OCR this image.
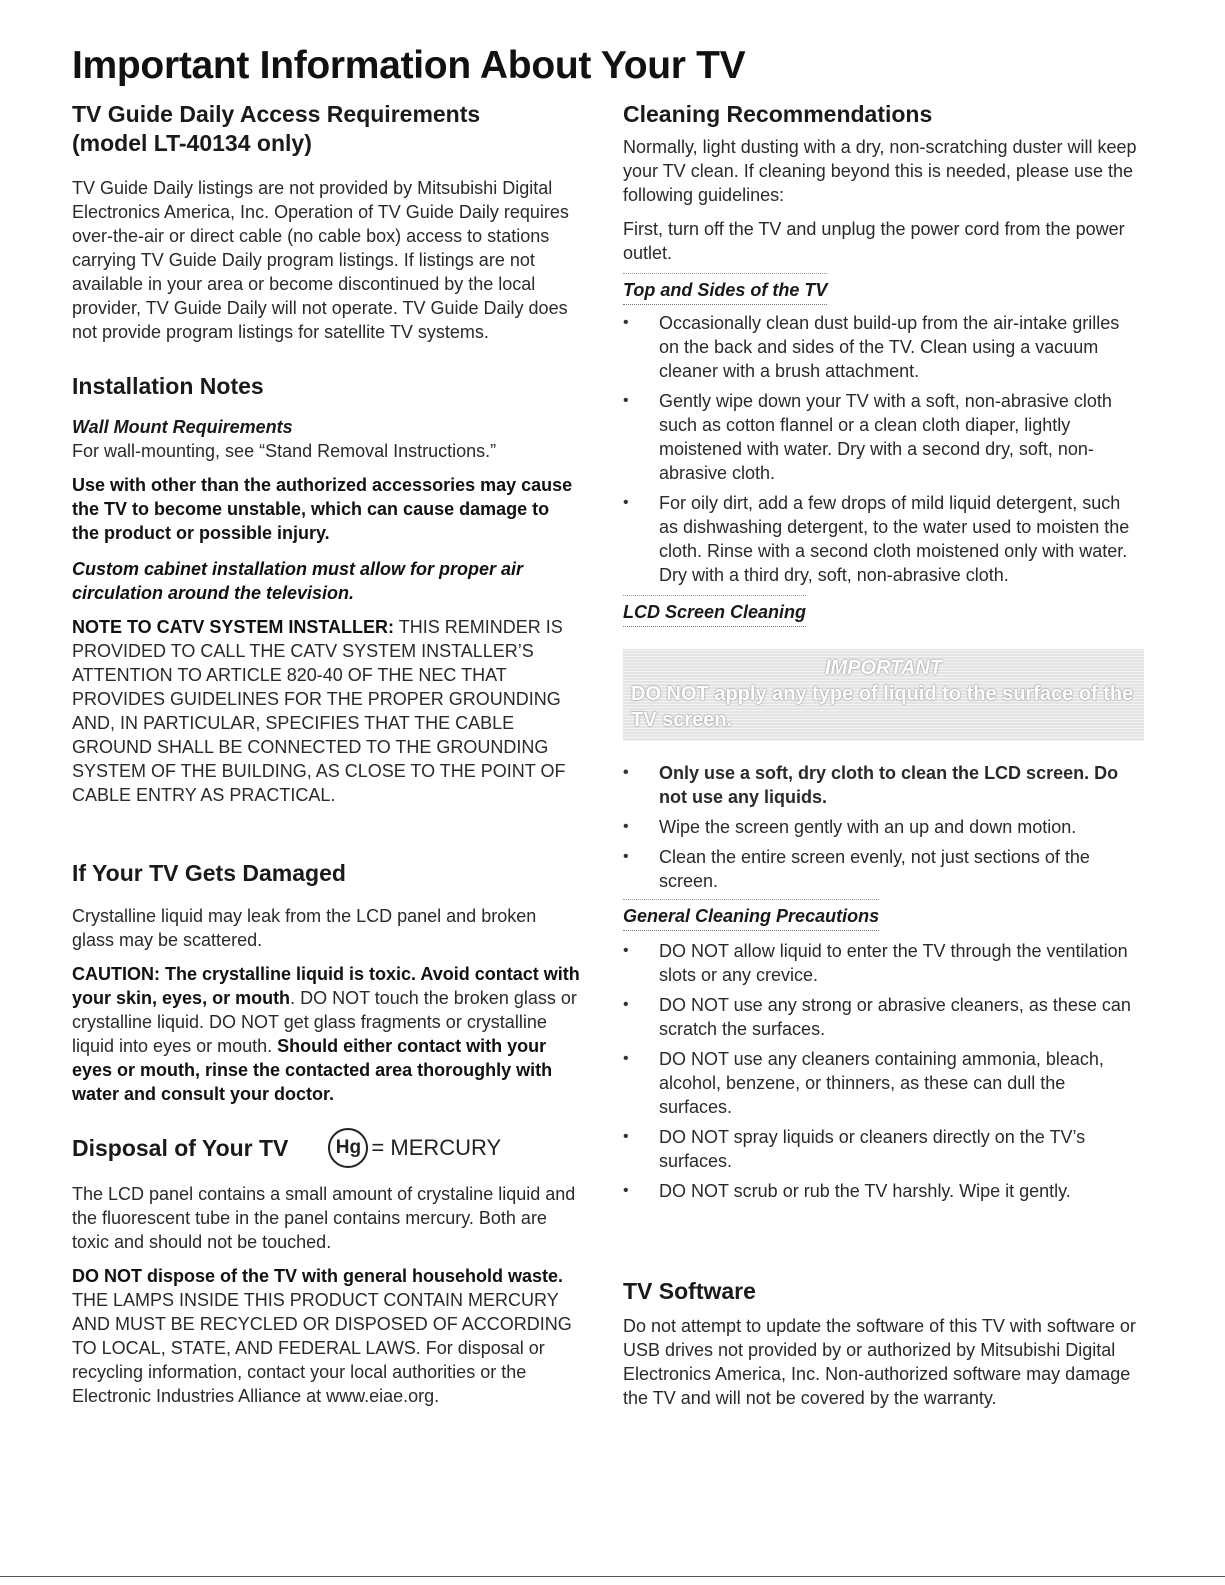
Important Information About Your TV
TV Guide Daily Access Requirements
(model LT-40134 only)

TV Guide Daily listings are not provided by Mitsubishi Digital Electronics America, Inc. Operation of TV Guide Daily requires over-the-air or direct cable (no cable box) access to stations carrying TV Guide Daily program listings. If listings are not available in your area or become discontinued by the local provider, TV Guide Daily will not operate. TV Guide Daily does not provide program listings for satellite TV systems.

Installation Notes
Wall Mount Requirements

For wall-mounting, see “Stand Removal Instructions.”

Use with other than the authorized accessories may cause the TV to become unstable, which can cause damage to the product or possible injury.

Custom cabinet installation must allow for proper air circulation around the television.

NOTE TO CATV SYSTEM INSTALLER: THIS REMINDER IS PROVIDED TO CALL THE CATV SYSTEM INSTALLER’S ATTENTION TO ARTICLE 820-40 OF THE NEC THAT PROVIDES GUIDELINES FOR THE PROPER GROUNDING AND, IN PARTICULAR, SPECIFIES THAT THE CABLE GROUND SHALL BE CONNECTED TO THE GROUNDING SYSTEM OF THE BUILDING, AS CLOSE TO THE POINT OF CABLE ENTRY AS PRACTICAL.

If Your TV Gets Damaged

Crystalline liquid may leak from the LCD panel and broken glass may be scattered.

CAUTION: The crystalline liquid is toxic. Avoid contact with your skin, eyes, or mouth. DO NOT touch the broken glass or crystalline liquid. DO NOT get glass fragments or crystalline liquid into eyes or mouth. Should either contact with your eyes or mouth, rinse the contacted area thoroughly with water and consult your doctor.

Disposal of Your TV	Hg = MERCURY

The LCD panel contains a small amount of crystaline liquid and the fluorescent tube in the panel contains mercury. Both are toxic and should not be touched.

DO NOT dispose of the TV with general household waste. THE LAMPS INSIDE THIS PRODUCT CONTAIN MERCURY AND MUST BE RECYCLED OR DISPOSED OF ACCORDING TO LOCAL, STATE, AND FEDERAL LAWS. For disposal or recycling information, contact your local authorities or the Electronic Industries Alliance at www.eiae.org.

Cleaning Recommendations

Normally, light dusting with a dry, non-scratching duster will keep your TV clean. If cleaning beyond this is needed, please use the following guidelines:

First, turn off the TV and unplug the power cord from the power outlet.

Top and Sides of the TV
• Occasionally clean dust build-up from the air-intake grilles on the back and sides of the TV. Clean using a vacuum cleaner with a brush attachment.
• Gently wipe down your TV with a soft, non-abrasive cloth such as cotton flannel or a clean cloth diaper, lightly moistened with water. Dry with a second dry, soft, non-abrasive cloth.
• For oily dirt, add a few drops of mild liquid detergent, such as dishwashing detergent, to the water used to moisten the cloth. Rinse with a second cloth moistened only with water. Dry with a third dry, soft, non-abrasive cloth.
LCD Screen Cleaning
IMPORTANT
DO NOT apply any type of liquid to the surface of the TV screen.
• Only use a soft, dry cloth to clean the LCD screen. Do not use any liquids.
• Wipe the screen gently with an up and down motion.
• Clean the entire screen evenly, not just sections of the screen.
General Cleaning Precautions
• DO NOT allow liquid to enter the TV through the ventilation slots or any crevice.
• DO NOT use any strong or abrasive cleaners, as these can scratch the surfaces.
• DO NOT use any cleaners containing ammonia, bleach, alcohol, benzene, or thinners, as these can dull the surfaces.
• DO NOT spray liquids or cleaners directly on the TV’s surfaces.
• DO NOT scrub or rub the TV harshly. Wipe it gently.
TV Software

Do not attempt to update the software of this TV with software or USB drives not provided by or authorized by Mitsubishi Digital Electronics America, Inc. Non-authorized software may damage the TV and will not be covered by the warranty.
